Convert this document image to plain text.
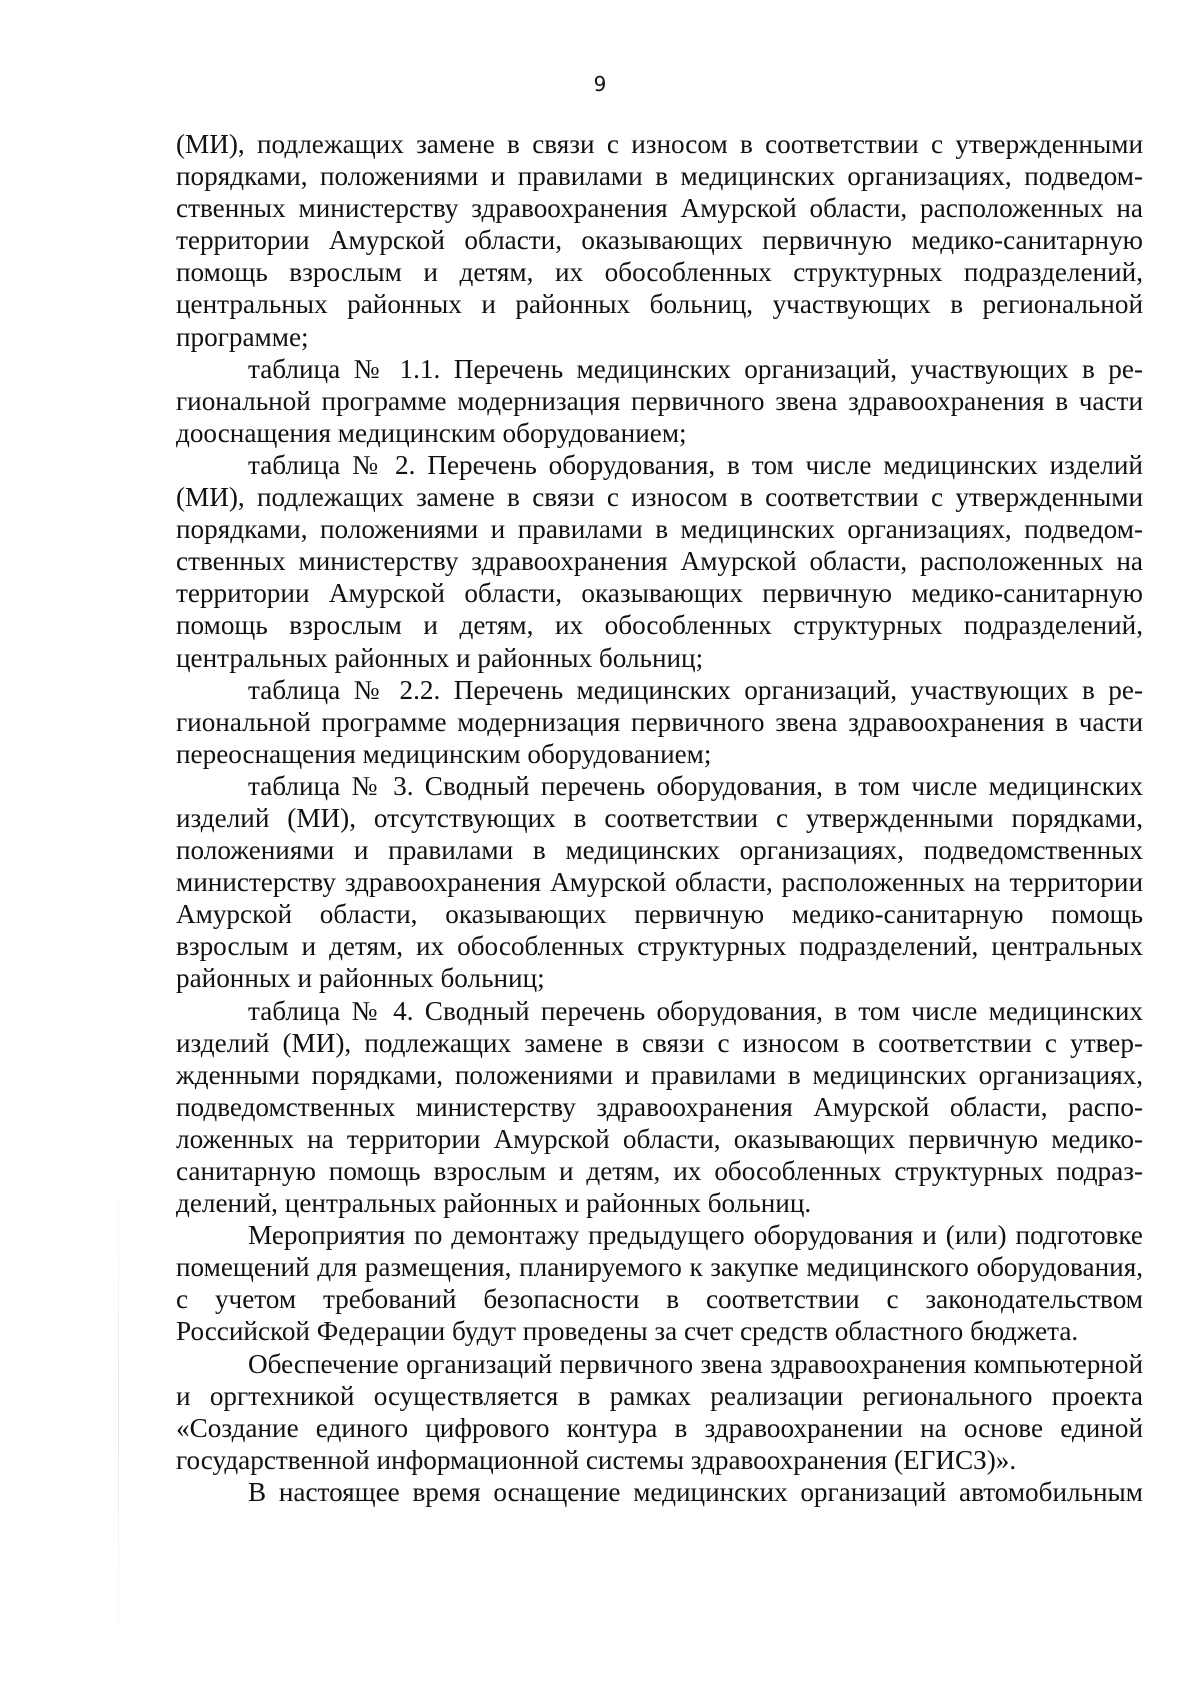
9

(МИ), подлежащих замене в связи с износом в соответствии с утвержденными порядками, положениями и правилами в медицинских организациях, подведомственных министерству здравоохранения Амурской области, расположенных на территории Амурской области, оказывающих первичную медико-санитарную помощь взрослым и детям, их обособленных структурных подразделений, центральных районных и районных больниц, участвующих в региональной программе;

таблица № 1.1. Перечень медицинских организаций, участвующих в региональной программе модернизация первичного звена здравоохранения в части дооснащения медицинским оборудованием;

таблица № 2. Перечень оборудования, в том числе медицинских изделий (МИ), подлежащих замене в связи с износом в соответствии с утвержденными порядками, положениями и правилами в медицинских организациях, подведомственных министерству здравоохранения Амурской области, расположенных на территории Амурской области, оказывающих первичную медико-санитарную помощь взрослым и детям, их обособленных структурных подразделений, центральных районных и районных больниц;

таблица № 2.2. Перечень медицинских организаций, участвующих в региональной программе модернизация первичного звена здравоохранения в части переоснащения медицинским оборудованием;

таблица № 3. Сводный перечень оборудования, в том числе медицинских изделий (МИ), отсутствующих в соответствии с утвержденными порядками, положениями и правилами в медицинских организациях, подведомственных министерству здравоохранения Амурской области, расположенных на территории Амурской области, оказывающих первичную медико-санитарную помощь взрослым и детям, их обособленных структурных подразделений, центральных районных и районных больниц;

таблица № 4. Сводный перечень оборудования, в том числе медицинских изделий (МИ), подлежащих замене в связи с износом в соответствии с утвержденными порядками, положениями и правилами в медицинских организациях, подведомственных министерству здравоохранения Амурской области, расположенных на территории Амурской области, оказывающих первичную медико-санитарную помощь взрослым и детям, их обособленных структурных подразделений, центральных районных и районных больниц.

Мероприятия по демонтажу предыдущего оборудования и (или) подготовке помещений для размещения, планируемого к закупке медицинского оборудования, с учетом требований безопасности в соответствии с законодательством Российской Федерации будут проведены за счет средств областного бюджета.

Обеспечение организаций первичного звена здравоохранения компьютерной и оргтехникой осуществляется в рамках реализации регионального проекта «Создание единого цифрового контура в здравоохранении на основе единой государственной информационной системы здравоохранения (ЕГИСЗ)».

В настоящее время оснащение медицинских организаций автомобильным
